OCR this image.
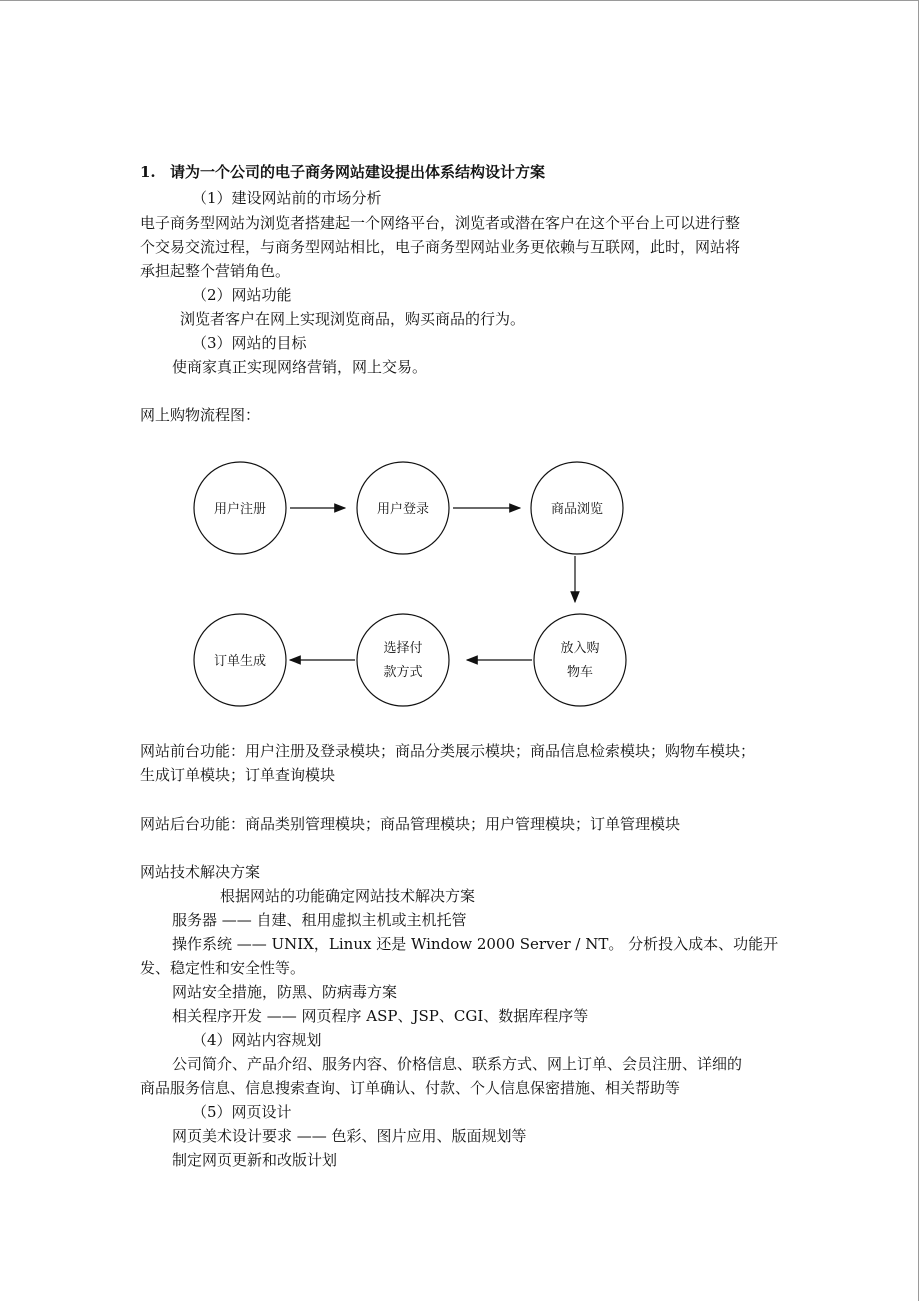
1. 请为一个公司的电子商务网站建设提出体系结构设计方案
（1）建设网站前的市场分析
电子商务型网站为浏览者搭建起一个网络平台，浏览者或潜在客户在这个平台上可以进行整
个交易交流过程，与商务型网站相比，电子商务型网站业务更依赖与互联网，此时，网站将
承担起整个营销角色。
（2）网站功能
浏览者客户在网上实现浏览商品，购买商品的行为。
（3）网站的目标
使商家真正实现网络营销，网上交易。
网上购物流程图：
用户注册	用户登录	商品浏览
放入购
物车
选择付
款方式
订单生成
网站前台功能：用户注册及登录模块；商品分类展示模块；商品信息检索模块；购物车模块；
生成订单模块；订单查询模块
网站后台功能：商品类别管理模块；商品管理模块；用户管理模块；订单管理模块
网站技术解决方案
根据网站的功能确定网站技术解决方案
服务器 —— 自建、租用虚拟主机或主机托管
操作系统 —— UNIX，Linux 还是 Window 2000 Server / NT。 分析投入成本、功能开
发、稳定性和安全性等。
网站安全措施，防黑、防病毒方案
相关程序开发 —— 网页程序 ASP、JSP、CGI、数据库程序等
（4）网站内容规划
公司简介、产品介绍、服务内容、价格信息、联系方式、网上订单、会员注册、详细的
商品服务信息、信息搜索查询、订单确认、付款、个人信息保密措施、相关帮助等
（5）网页设计
网页美术设计要求 —— 色彩、图片应用、版面规划等
制定网页更新和改版计划
